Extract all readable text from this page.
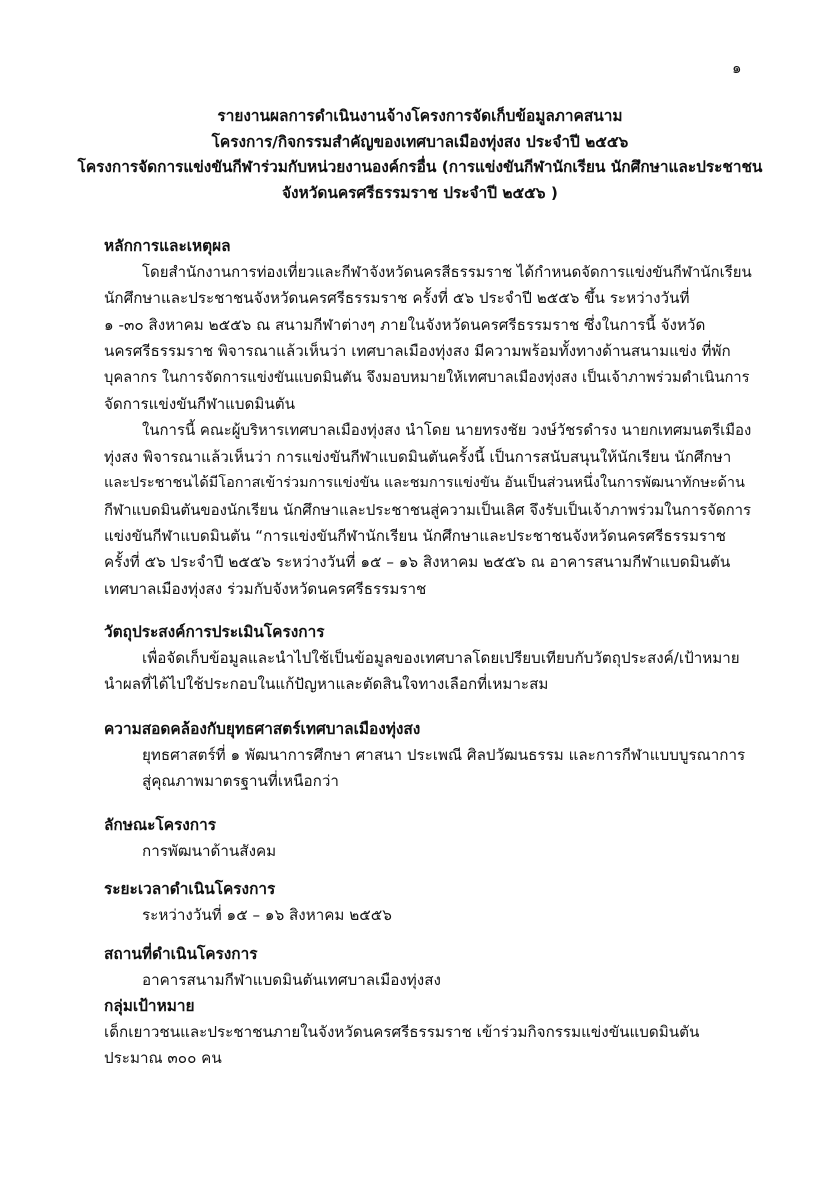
๑
รายงานผลการดำเนินงานจ้างโครงการจัดเก็บข้อมูลภาคสนาม
โครงการ/กิจกรรมสำคัญของเทศบาลเมืองทุ่งสง ประจำปี ๒๕๕๖
โครงการจัดการแข่งขันกีฬาร่วมกับหน่วยงานองค์กรอื่น (การแข่งขันกีฬานักเรียน นักศึกษาและประชาชน
จังหวัดนครศรีธรรมราช ประจำปี ๒๕๕๖ )
หลักการและเหตุผล
โดยสำนักงานการท่องเที่ยวและกีฬาจังหวัดนครสีธรรมราช ได้กำหนดจัดการแข่งขันกีฬานักเรียน
นักศึกษาและประชาชนจังหวัดนครศรีธรรมราช ครั้งที่ ๕๖ ประจำปี ๒๕๕๖ ขึ้น ระหว่างวันที่
๑ -๓๐ สิงหาคม ๒๕๕๖ ณ สนามกีฬาต่างๆ ภายในจังหวัดนครศรีธรรมราช ซึ่งในการนี้ จังหวัด
นครศรีธรรมราช พิจารณาแล้วเห็นว่า เทศบาลเมืองทุ่งสง มีความพร้อมทั้งทางด้านสนามแข่ง ที่พัก
บุคลากร ในการจัดการแข่งขันแบดมินตัน จึงมอบหมายให้เทศบาลเมืองทุ่งสง เป็นเจ้าภาพร่วมดำเนินการ
จัดการแข่งขันกีฬาแบดมินตัน
ในการนี้ คณะผู้บริหารเทศบาลเมืองทุ่งสง นำโดย นายทรงชัย วงษ์วัชรดำรง นายกเทศมนตรีเมือง
ทุ่งสง พิจารณาแล้วเห็นว่า การแข่งขันกีฬาแบดมินตันครั้งนี้ เป็นการสนับสนุนให้นักเรียน นักศึกษา
และประชาชนได้มีโอกาสเข้าร่วมการแข่งขัน และชมการแข่งขัน อันเป็นส่วนหนึ่งในการพัฒนาทักษะด้าน
กีฬาแบดมินตันของนักเรียน นักศึกษาและประชาชนสู่ความเป็นเลิศ จึงรับเป็นเจ้าภาพร่วมในการจัดการ
แข่งขันกีฬาแบดมินตัน “การแข่งขันกีฬานักเรียน นักศึกษาและประชาชนจังหวัดนครศรีธรรมราช
ครั้งที่ ๕๖ ประจำปี ๒๕๕๖ ระหว่างวันที่ ๑๕ – ๑๖ สิงหาคม ๒๕๕๖ ณ อาคารสนามกีฬาแบดมินตัน
เทศบาลเมืองทุ่งสง ร่วมกับจังหวัดนครศรีธรรมราช
วัตถุประสงค์การประเมินโครงการ
เพื่อจัดเก็บข้อมูลและนำไปใช้เป็นข้อมูลของเทศบาลโดยเปรียบเทียบกับวัตถุประสงค์/เป้าหมาย
นำผลที่ได้ไปใช้ประกอบในแก้ปัญหาและตัดสินใจทางเลือกที่เหมาะสม
ความสอดคล้องกับยุทธศาสตร์เทศบาลเมืองทุ่งสง
ยุทธศาสตร์ที่ ๑ พัฒนาการศึกษา ศาสนา ประเพณี ศิลปวัฒนธรรม และการกีฬาแบบบูรณาการ
สู่คุณภาพมาตรฐานที่เหนือกว่า
ลักษณะโครงการ
การพัฒนาด้านสังคม
ระยะเวลาดำเนินโครงการ
ระหว่างวันที่ ๑๕ – ๑๖ สิงหาคม ๒๕๕๖
สถานที่ดำเนินโครงการ
อาคารสนามกีฬาแบดมินตันเทศบาลเมืองทุ่งสง
กลุ่มเป้าหมาย
เด็กเยาวชนและประชาชนภายในจังหวัดนครศรีธรรมราช เข้าร่วมกิจกรรมแข่งขันแบดมินตัน
ประมาณ ๓๐๐ คน
